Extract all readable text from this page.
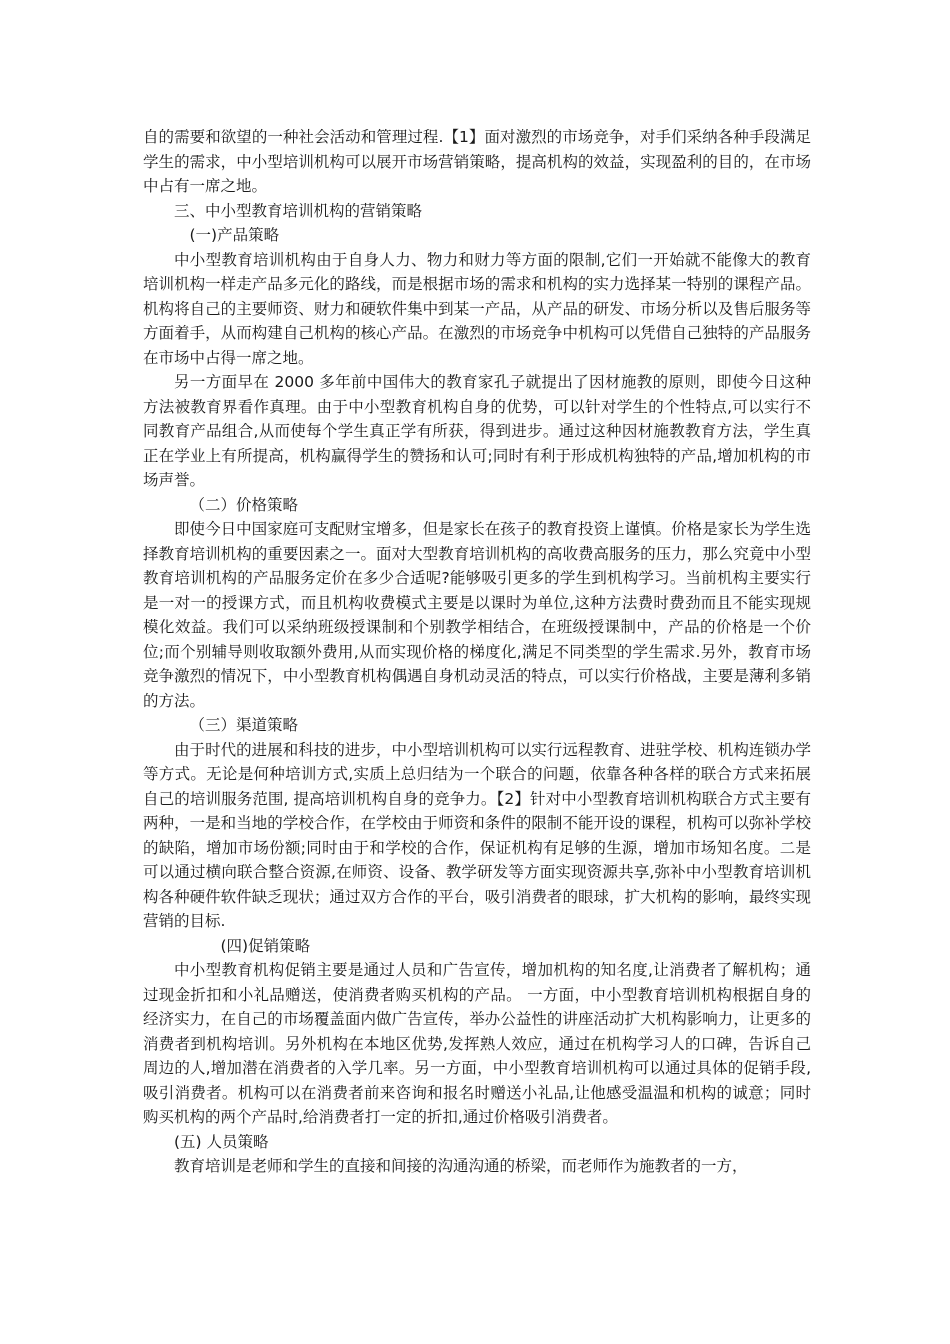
自的需要和欲望的一种社会活动和管理过程.【1】面对激烈的市场竞争，对手们采纳各种手段满足学生的需求，中小型培训机构可以展开市场营销策略，提高机构的效益，实现盈利的目的，在市场中占有一席之地。

三、中小型教育培训机构的营销策略

(一)产品策略

中小型教育培训机构由于自身人力、物力和财力等方面的限制,它们一开始就不能像大的教育培训机构一样走产品多元化的路线，而是根据市场的需求和机构的实力选择某一特别的课程产品。机构将自己的主要师资、财力和硬软件集中到某一产品，从产品的研发、市场分析以及售后服务等方面着手，从而构建自己机构的核心产品。在激烈的市场竞争中机构可以凭借自己独特的产品服务在市场中占得一席之地。

另一方面早在 2000 多年前中国伟大的教育家孔子就提出了因材施教的原则，即使今日这种方法被教育界看作真理。由于中小型教育机构自身的优势，可以针对学生的个性特点,可以实行不同教育产品组合,从而使每个学生真正学有所获，得到进步。通过这种因材施教教育方法，学生真正在学业上有所提高，机构赢得学生的赞扬和认可;同时有利于形成机构独特的产品,增加机构的市场声誉。

（二）价格策略

即使今日中国家庭可支配财宝增多，但是家长在孩子的教育投资上谨慎。价格是家长为学生选择教育培训机构的重要因素之一。面对大型教育培训机构的高收费高服务的压力，那么究竟中小型教育培训机构的产品服务定价在多少合适呢?能够吸引更多的学生到机构学习。当前机构主要实行是一对一的授课方式，而且机构收费模式主要是以课时为单位,这种方法费时费劲而且不能实现规模化效益。我们可以采纳班级授课制和个别教学相结合，在班级授课制中，产品的价格是一个价位;而个别辅导则收取额外费用,从而实现价格的梯度化,满足不同类型的学生需求.另外，教育市场竞争激烈的情况下，中小型教育机构偶遇自身机动灵活的特点，可以实行价格战，主要是薄利多销的方法。

（三）渠道策略

由于时代的进展和科技的进步，中小型培训机构可以实行远程教育、进驻学校、机构连锁办学等方式。无论是何种培训方式,实质上总归结为一个联合的问题，依靠各种各样的联合方式来拓展自己的培训服务范围, 提高培训机构自身的竞争力。【2】针对中小型教育培训机构联合方式主要有两种，一是和当地的学校合作，在学校由于师资和条件的限制不能开设的课程，机构可以弥补学校的缺陷，增加市场份额;同时由于和学校的合作，保证机构有足够的生源，增加市场知名度。二是可以通过横向联合整合资源,在师资、设备、教学研发等方面实现资源共享,弥补中小型教育培训机构各种硬件软件缺乏现状；通过双方合作的平台，吸引消费者的眼球，扩大机构的影响，最终实现营销的目标.

(四)促销策略

中小型教育机构促销主要是通过人员和广告宣传，增加机构的知名度,让消费者了解机构；通过现金折扣和小礼品赠送，使消费者购买机构的产品。 一方面，中小型教育培训机构根据自身的经济实力，在自己的市场覆盖面内做广告宣传，举办公益性的讲座活动扩大机构影响力，让更多的消费者到机构培训。另外机构在本地区优势,发挥熟人效应，通过在机构学习人的口碑，告诉自己周边的人,增加潜在消费者的入学几率。另一方面，中小型教育培训机构可以通过具体的促销手段,吸引消费者。机构可以在消费者前来咨询和报名时赠送小礼品,让他感受温温和机构的诚意；同时购买机构的两个产品时,给消费者打一定的折扣,通过价格吸引消费者。

(五) 人员策略

教育培训是老师和学生的直接和间接的沟通沟通的桥梁，而老师作为施教者的一方，
